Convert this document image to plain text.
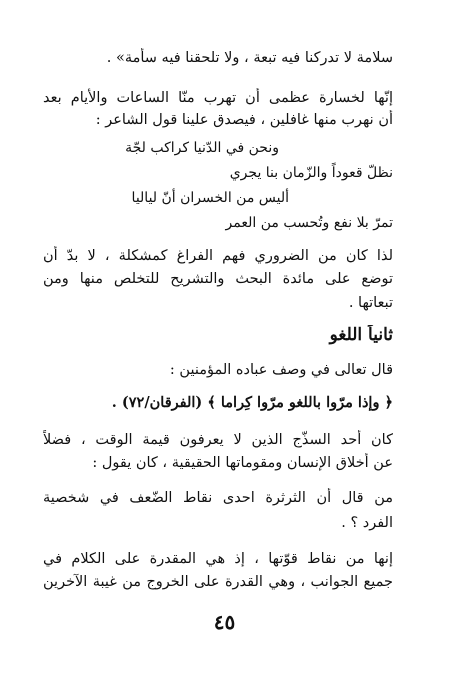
سلامة لا تدركنا فيه تبعة ، ولا تلحقنا فيه سأمة» .
إنّها لخسارة عظمى أن تهرب منّا الساعات والأيام بعد
أن نهرب منها غافلين ، فيصدق علينا قول الشاعر :
ونحن في الدّنيا كراكب لجّة
نظلّ قعوداً والزّمان بنا يجري
أليس من الخسران أنّ لياليا
تمرّ بلا نفع وتُحسب من العمر
لذا كان من الضروري فهم الفراغ كمشكلة ، لا بدّ أن
توضع على مائدة البحث والتشريح للتخلص منها ومن
تبعاتها .
ثانياً اللغو
قال تعالى في وصف عباده المؤمنين :
﴿ وإذا مرّوا باللغو مرّوا كِراما ﴾ (الفرقان/٧٢) .
كان أحد السذّج الذين لا يعرفون قيمة الوقت ، فضلاً
عن أخلاق الإنسان ومقوماتها الحقيقية ، كان يقول :
من قال أن الثرثرة احدى نقاط الضّعف في شخصية
الفرد ؟ .
إنها من نقاط قوّتها ، إذ هي المقدرة على الكلام في
جميع الجوانب ، وهي القدرة على الخروج من غيبة الآخرين
٤٥
